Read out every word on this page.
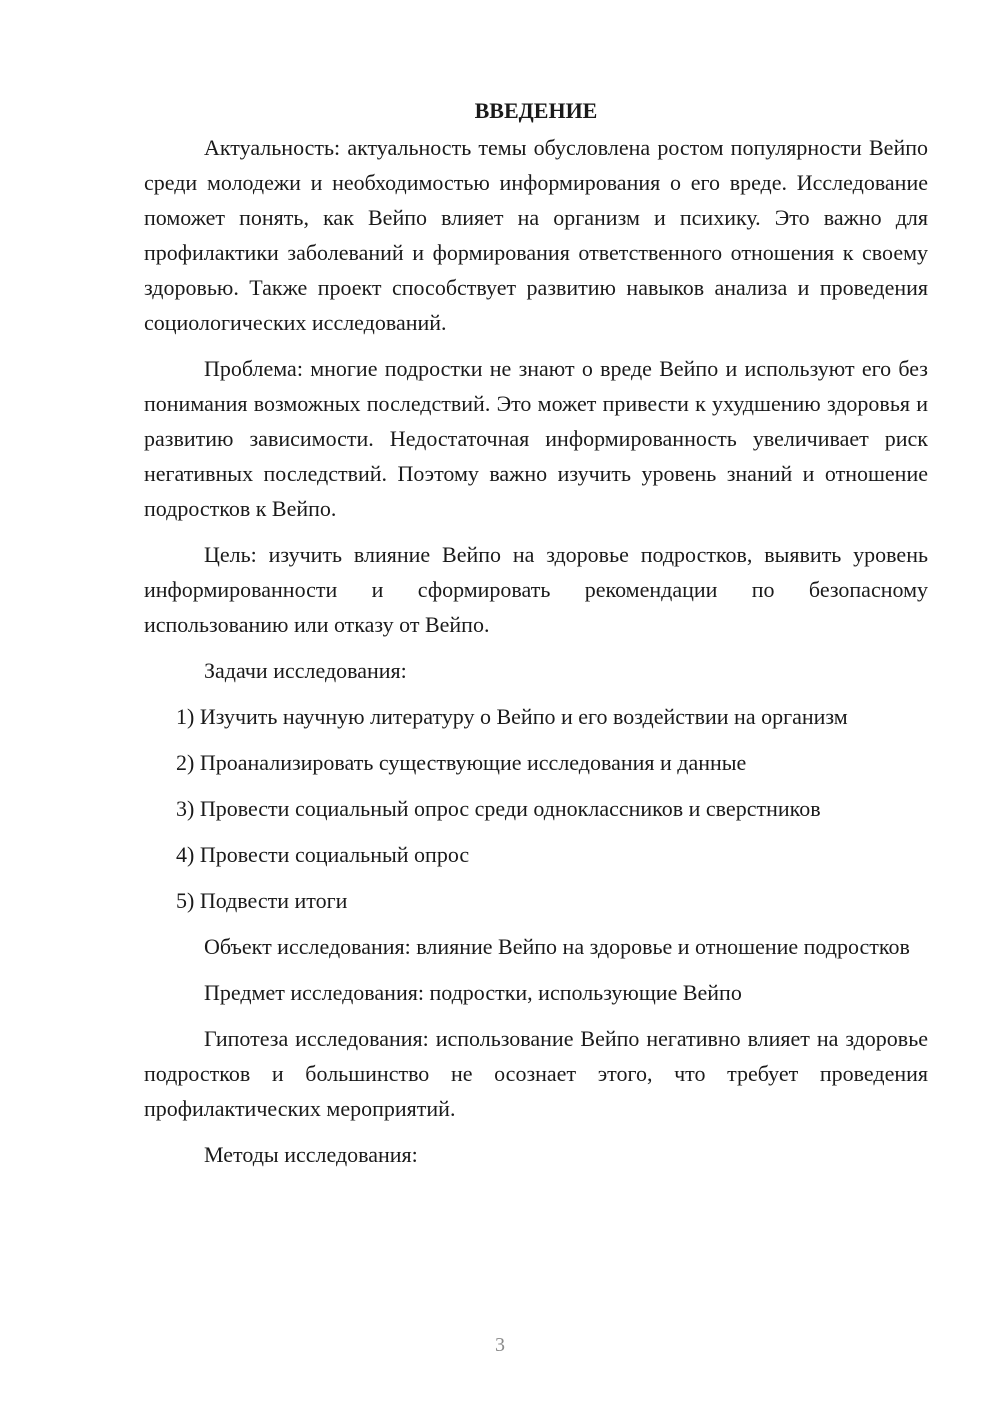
ВВЕДЕНИЕ

Актуальность: актуальность темы обусловлена ростом популярности Вейпо среди молодежи и необходимостью информирования о его вреде. Исследование поможет понять, как Вейпо влияет на организм и психику. Это важно для профилактики заболеваний и формирования ответственного отношения к своему здоровью. Также проект способствует развитию навыков анализа и проведения социологических исследований.

Проблема: многие подростки не знают о вреде Вейпо и используют его без понимания возможных последствий. Это может привести к ухудшению здоровья и развитию зависимости. Недостаточная информированность увеличивает риск негативных последствий. Поэтому важно изучить уровень знаний и отношение подростков к Вейпо.

Цель: изучить влияние Вейпо на здоровье подростков, выявить уровень информированности и сформировать рекомендации по безопасному использованию или отказу от Вейпо.

Задачи исследования:

1) Изучить научную литературу о Вейпо и его воздействии на организм

2) Проанализировать существующие исследования и данные

3) Провести социальный опрос среди одноклассников и сверстников

4) Провести социальный опрос

5) Подвести итоги

Объект исследования: влияние Вейпо на здоровье и отношение подростков

Предмет исследования: подростки, использующие Вейпо

Гипотеза исследования: использование Вейпо негативно влияет на здоровье подростков и большинство не осознает этого, что требует проведения профилактических мероприятий.

Методы исследования:

3
